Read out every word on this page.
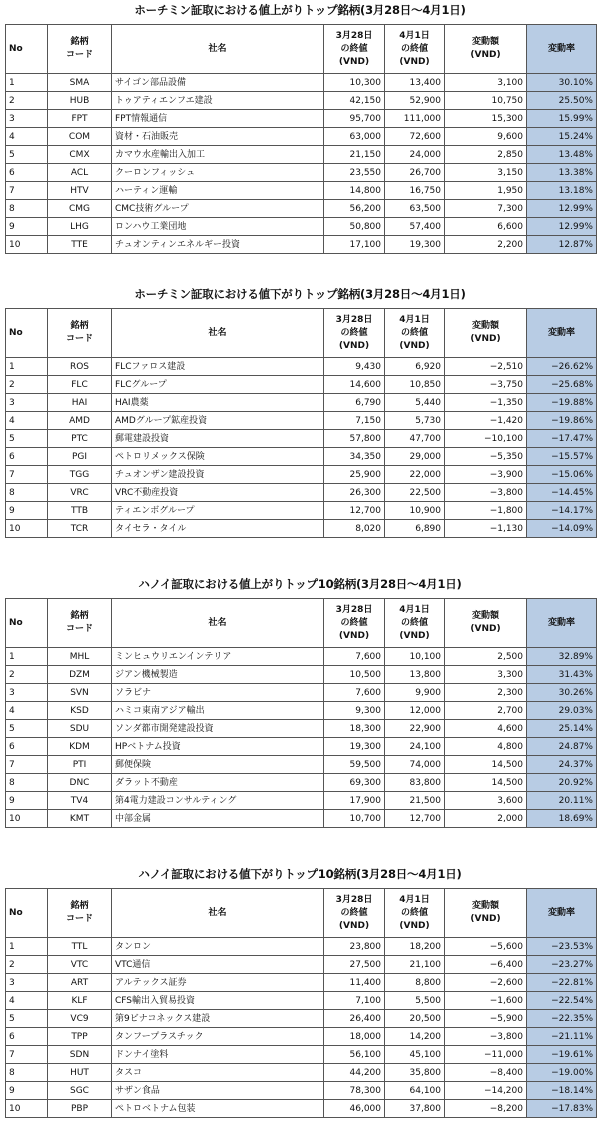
ホーチミン証取における値上がりトップ銘柄(3月28日〜4月1日)
No	銘柄
コード	社名	3月28日
の終値
(VND)	4月1日
の終値
(VND)	変動額
(VND)	変動率
1	SMA	サイゴン部品設備	10,300	13,400	3,100	30.10%
2	HUB	トゥアティエンフエ建設	42,150	52,900	10,750	25.50%
3	FPT	FPT情報通信	95,700	111,000	15,300	15.99%
4	COM	資材・石油販売	63,000	72,600	9,600	15.24%
5	CMX	カマウ水産輸出入加工	21,150	24,000	2,850	13.48%
6	ACL	クーロンフィッシュ	23,550	26,700	3,150	13.38%
7	HTV	ハーティン運輸	14,800	16,750	1,950	13.18%
8	CMG	CMC技術グループ	56,200	63,500	7,300	12.99%
9	LHG	ロンハウ工業団地	50,800	57,400	6,600	12.99%
10	TTE	チュオンティンエネルギー投資	17,100	19,300	2,200	12.87%
ホーチミン証取における値下がりトップ銘柄(3月28日〜4月1日)
No	銘柄
コード	社名	3月28日
の終値
(VND)	4月1日
の終値
(VND)	変動額
(VND)	変動率
1	ROS	FLCファロス建設	9,430	6,920	−2,510	−26.62%
2	FLC	FLCグループ	14,600	10,850	−3,750	−25.68%
3	HAI	HAI農薬	6,790	5,440	−1,350	−19.88%
4	AMD	AMDグループ鉱産投資	7,150	5,730	−1,420	−19.86%
5	PTC	郵電建設投資	57,800	47,700	−10,100	−17.47%
6	PGI	ペトロリメックス保険	34,350	29,000	−5,350	−15.57%
7	TGG	チュオンザン建設投資	25,900	22,000	−3,900	−15.06%
8	VRC	VRC不動産投資	26,300	22,500	−3,800	−14.45%
9	TTB	ティエンボグループ	12,700	10,900	−1,800	−14.17%
10	TCR	タイセラ・タイル	8,020	6,890	−1,130	−14.09%
ハノイ証取における値上がりトップ10銘柄(3月28日〜4月1日)
No	銘柄
コード	社名	3月28日
の終値
(VND)	4月1日
の終値
(VND)	変動額
(VND)	変動率
1	MHL	ミンヒュウリエンインテリア	7,600	10,100	2,500	32.89%
2	DZM	ジアン機械製造	10,500	13,800	3,300	31.43%
3	SVN	ソラビナ	7,600	9,900	2,300	30.26%
4	KSD	ハミコ東南アジア輸出	9,300	12,000	2,700	29.03%
5	SDU	ソンダ都市開発建設投資	18,300	22,900	4,600	25.14%
6	KDM	HPベトナム投資	19,300	24,100	4,800	24.87%
7	PTI	郵便保険	59,500	74,000	14,500	24.37%
8	DNC	ダラット不動産	69,300	83,800	14,500	20.92%
9	TV4	第4電力建設コンサルティング	17,900	21,500	3,600	20.11%
10	KMT	中部金属	10,700	12,700	2,000	18.69%
ハノイ証取における値下がりトップ10銘柄(3月28日〜4月1日)
No	銘柄
コード	社名	3月28日
の終値
(VND)	4月1日
の終値
(VND)	変動額
(VND)	変動率
1	TTL	タンロン	23,800	18,200	−5,600	−23.53%
2	VTC	VTC通信	27,500	21,100	−6,400	−23.27%
3	ART	アルテックス証券	11,400	8,800	−2,600	−22.81%
4	KLF	CFS輸出入貿易投資	7,100	5,500	−1,600	−22.54%
5	VC9	第9ビナコネックス建設	26,400	20,500	−5,900	−22.35%
6	TPP	タンフープラスチック	18,000	14,200	−3,800	−21.11%
7	SDN	ドンナイ塗料	56,100	45,100	−11,000	−19.61%
8	HUT	タスコ	44,200	35,800	−8,400	−19.00%
9	SGC	サザン食品	78,300	64,100	−14,200	−18.14%
10	PBP	ペトロベトナム包装	46,000	37,800	−8,200	−17.83%
